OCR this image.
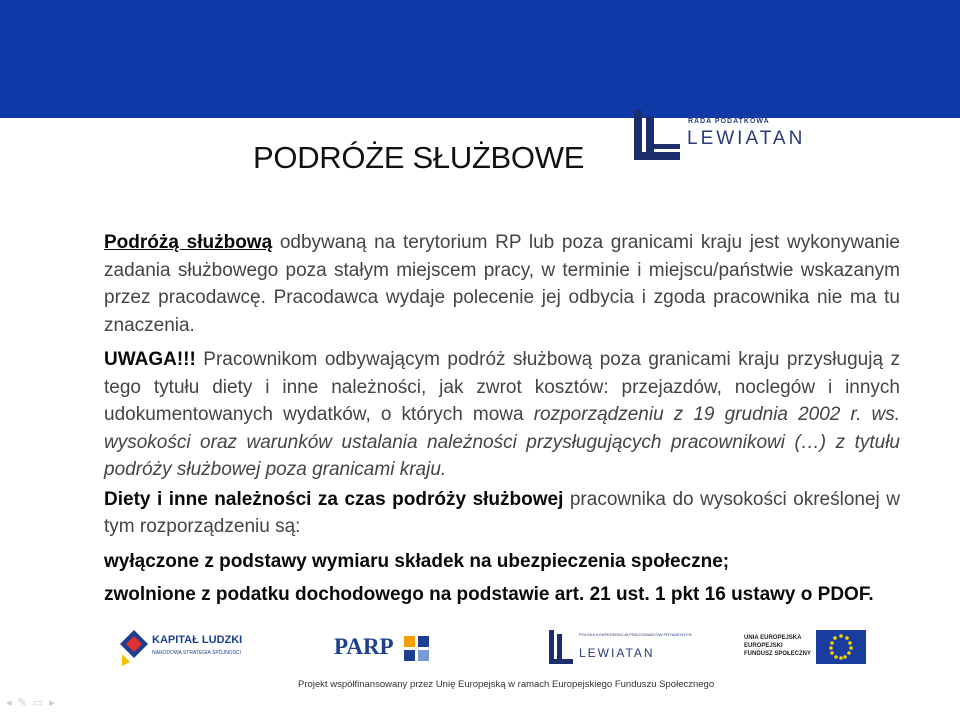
PODRÓŻE SŁUŻBOWE
RADA PODATKOWA
LEWIATAN

Podróżą służbową odbywaną na terytorium RP lub poza granicami kraju jest wykonywanie zadania służbowego poza stałym miejscem pracy, w terminie i miejscu/państwie wskazanym przez pracodawcę. Pracodawca wydaje polecenie jej odbycia i zgoda pracownika nie ma tu znaczenia.

UWAGA!!! Pracownikom odbywającym podróż służbową poza granicami kraju przysługują z tego tytułu diety i inne należności, jak zwrot kosztów: przejazdów, noclegów i innych udokumentowanych wydatków, o których mowa rozporządzeniu z 19 grudnia 2002 r. ws. wysokości oraz warunków ustalania należności przysługujących pracownikowi (…) z tytułu podróży służbowej poza granicami kraju.

Diety i inne należności za czas podróży służbowej pracownika do wysokości określonej w tym rozporządzeniu są:

wyłączone z podstawy wymiaru składek na ubezpieczenia społeczne;

zwolnione z podatku dochodowego na podstawie art. 21 ust. 1 pkt 16 ustawy o PDOF.

KAPITAŁ LUDZKI
NARODOWA STRATEGIA SPÓJNOŚCI	PARP	POLSKA KONFEDERACJA PRACODAWCÓW PRYWATNYCH
LEWIATAN
UNIA EUROPEJSKA
EUROPEJSKI
FUNDUSZ SPOŁECZNY
Projekt współfinansowany przez Unię Europejską w ramach Europejskiego Funduszu Społecznego
◂✎▭▸
